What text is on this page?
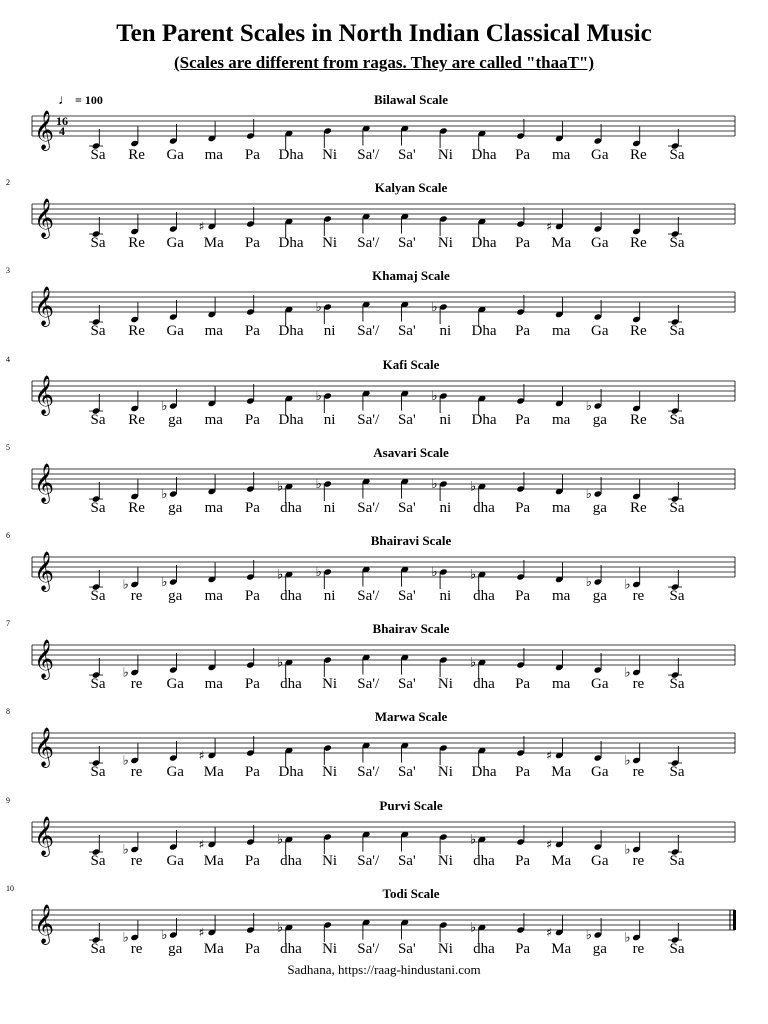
Ten Parent Scales in North Indian Classical Music
(Scales are different from ragas. They are called "thaaT")
♩ = 100	Bilawal Scale
𝄞 16
4
Sa	Re	Ga	ma	Pa	Dha	Ni	Sa'/	Sa'	Ni	Dha	Pa	ma	Ga	Re	Sa
Kalyan Scale
2
𝄞	♯	♯
Sa	Re	Ga	Ma	Pa	Dha	Ni	Sa'/	Sa'	Ni	Dha	Pa	Ma	Ga	Re	Sa
Khamaj Scale
3
𝄞	♭	♭
Sa	Re	Ga	ma	Pa	Dha	ni	Sa'/	Sa'	ni	Dha	Pa	ma	Ga	Re	Sa
Kafi Scale
4
𝄞	♭
♭	♭
♭
Sa	Re	ga	ma	Pa	Dha	ni	Sa'/	Sa'	ni	Dha	Pa	ma	ga	Re	Sa
Asavari Scale
5
𝄞	♭	♭ ♭	♭ ♭	♭
Sa	Re	ga	ma	Pa	dha	ni	Sa'/	Sa'	ni	dha	Pa	ma	ga	Re	Sa
Bhairavi Scale
6
𝄞	♭ ♭	♭ ♭	♭ ♭	♭ ♭
Sa	re	ga	ma	Pa	dha	ni	Sa'/	Sa'	ni	dha	Pa	ma	ga	re	Sa
Bhairav Scale
7
𝄞	♭
♭	♭
♭
Sa	re	Ga	ma	Pa	dha	Ni	Sa'/	Sa'	Ni	dha	Pa	ma	Ga	re	Sa
Marwa Scale
8
𝄞	♭	♯	♯	♭
Sa	re	Ga	Ma	Pa	Dha	Ni	Sa'/	Sa'	Ni	Dha	Pa	Ma	Ga	re	Sa
Purvi Scale
9
𝄞	♭	♯	♭	♭	♯	♭
Sa	re	Ga	Ma	Pa	dha	Ni	Sa'/	Sa'	Ni	dha	Pa	Ma	Ga	re	Sa
Todi Scale
10
𝄞	♭ ♭	♯	♭	♭	♯	♭ ♭
Sa	re	ga	Ma	Pa	dha	Ni	Sa'/	Sa'	Ni	dha	Pa	Ma	ga	re	Sa
Sadhana, https://raag-hindustani.com
